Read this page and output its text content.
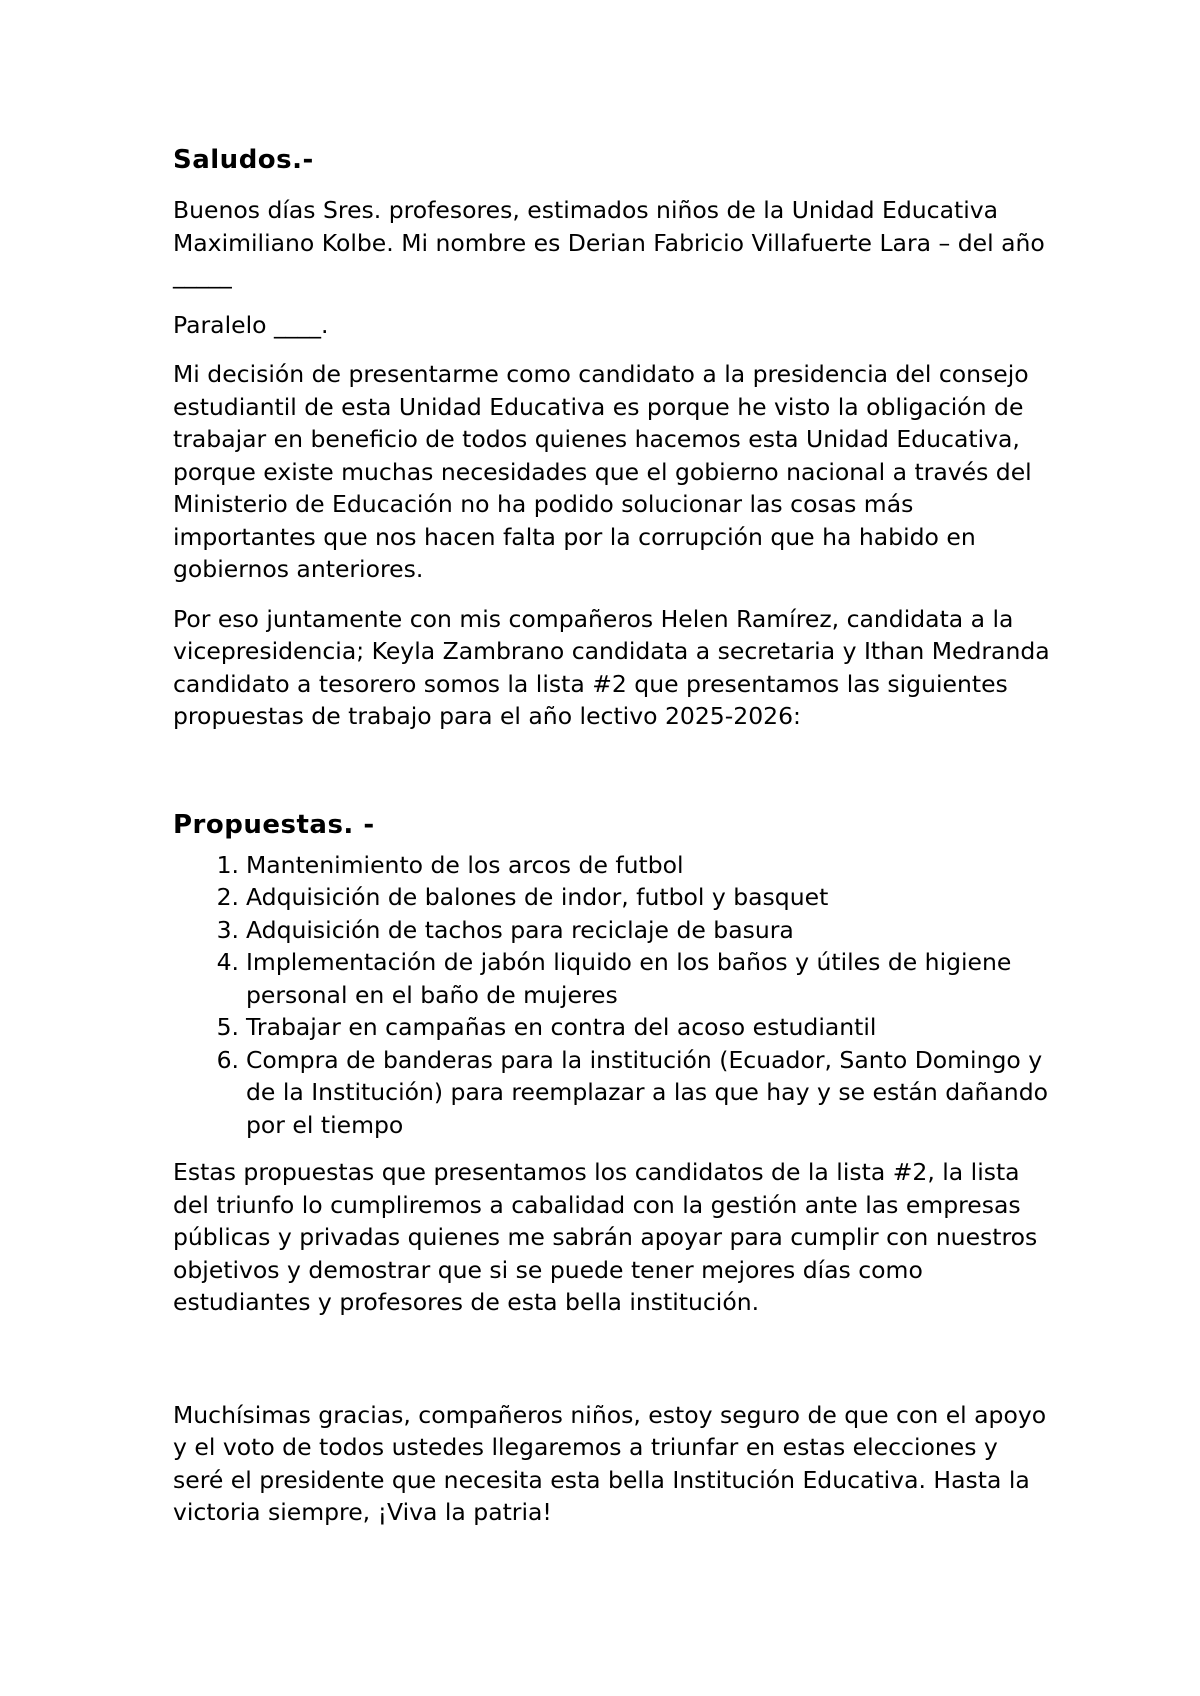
Saludos.-

Buenos días Sres. profesores, estimados niños de la Unidad Educativa Maximiliano Kolbe. Mi nombre es Derian Fabricio Villafuerte Lara – del año _____

Paralelo ____.

Mi decisión de presentarme como candidato a la presidencia del consejo estudiantil de esta Unidad Educativa es porque he visto la obligación de trabajar en beneficio de todos quienes hacemos esta Unidad Educativa, porque existe muchas necesidades que el gobierno nacional a través del Ministerio de Educación no ha podido solucionar las cosas más importantes que nos hacen falta por la corrupción que ha habido en gobiernos anteriores.

Por eso juntamente con mis compañeros Helen Ramírez, candidata a la vicepresidencia; Keyla Zambrano candidata a secretaria y Ithan Medranda candidato a tesorero somos la lista #2 que presentamos las siguientes propuestas de trabajo para el año lectivo 2025-2026:

Propuestas. -
1. Mantenimiento de los arcos de futbol
2. Adquisición de balones de indor, futbol y basquet
3. Adquisición de tachos para reciclaje de basura
4. Implementación de jabón liquido en los baños y útiles de higiene personal en el baño de mujeres
5. Trabajar en campañas en contra del acoso estudiantil
6. Compra de banderas para la institución (Ecuador, Santo Domingo y de la Institución) para reemplazar a las que hay y se están dañando por el tiempo

Estas propuestas que presentamos los candidatos de la lista #2, la lista del triunfo lo cumpliremos a cabalidad con la gestión ante las empresas públicas y privadas quienes me sabrán apoyar para cumplir con nuestros objetivos y demostrar que si se puede tener mejores días como estudiantes y profesores de esta bella institución.

Muchísimas gracias, compañeros niños, estoy seguro de que con el apoyo y el voto de todos ustedes llegaremos a triunfar en estas elecciones y seré el presidente que necesita esta bella Institución Educativa. Hasta la victoria siempre, ¡Viva la patria!
